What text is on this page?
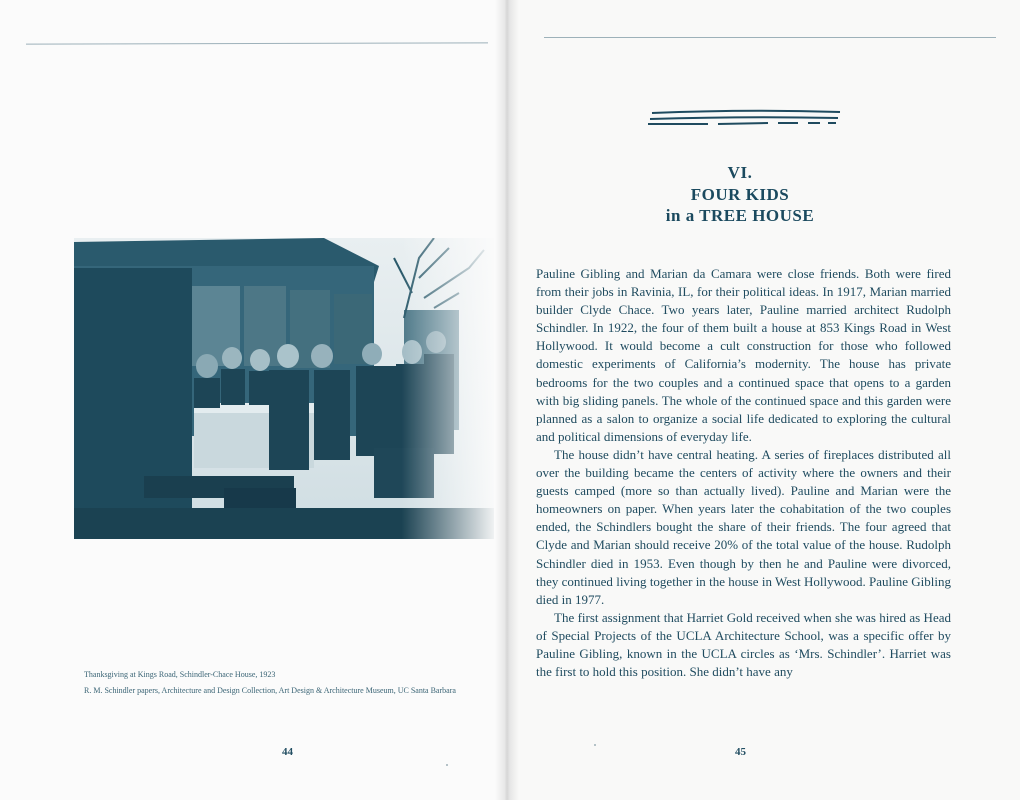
Thanksgiving at Kings Road, Schindler-Chace House, 1923
R. M. Schindler papers, Architecture and Design Collection, Art Design & Architecture Museum, UC Santa Barbara
44
VI.
FOUR KIDS
in a TREE HOUSE

Pauline Gibling and Marian da Camara were close friends. Both were fired from their jobs in Ravinia, IL, for their political ideas. In 1917, Marian married builder Clyde Chace. Two years later, Pauline married architect Rudolph Schindler. In 1922, the four of them built a house at 853 Kings Road in West Hollywood. It would become a cult construction for those who followed domestic experiments of California’s modernity. The house has private bedrooms for the two couples and a continued space that opens to a garden with big sliding panels. The whole of the continued space and this garden were planned as a salon to organize a social life dedicated to exploring the cultural and political dimensions of everyday life.

The house didn’t have central heating. A series of fireplaces distributed all over the building became the centers of activity where the owners and their guests camped (more so than actually lived). Pauline and Marian were the homeowners on paper. When years later the cohabitation of the two couples ended, the Schindlers bought the share of their friends. The four agreed that Clyde and Marian should receive 20% of the total value of the house. Rudolph Schindler died in 1953. Even though by then he and Pauline were divorced, they continued living together in the house in West Hollywood. Pauline Gibling died in 1977.

The first assignment that Harriet Gold received when she was hired as Head of Special Projects of the UCLA Architecture School, was a specific offer by Pauline Gibling, known in the UCLA circles as ‘Mrs. Schindler’. Harriet was the first to hold this position. She didn’t have any

45
